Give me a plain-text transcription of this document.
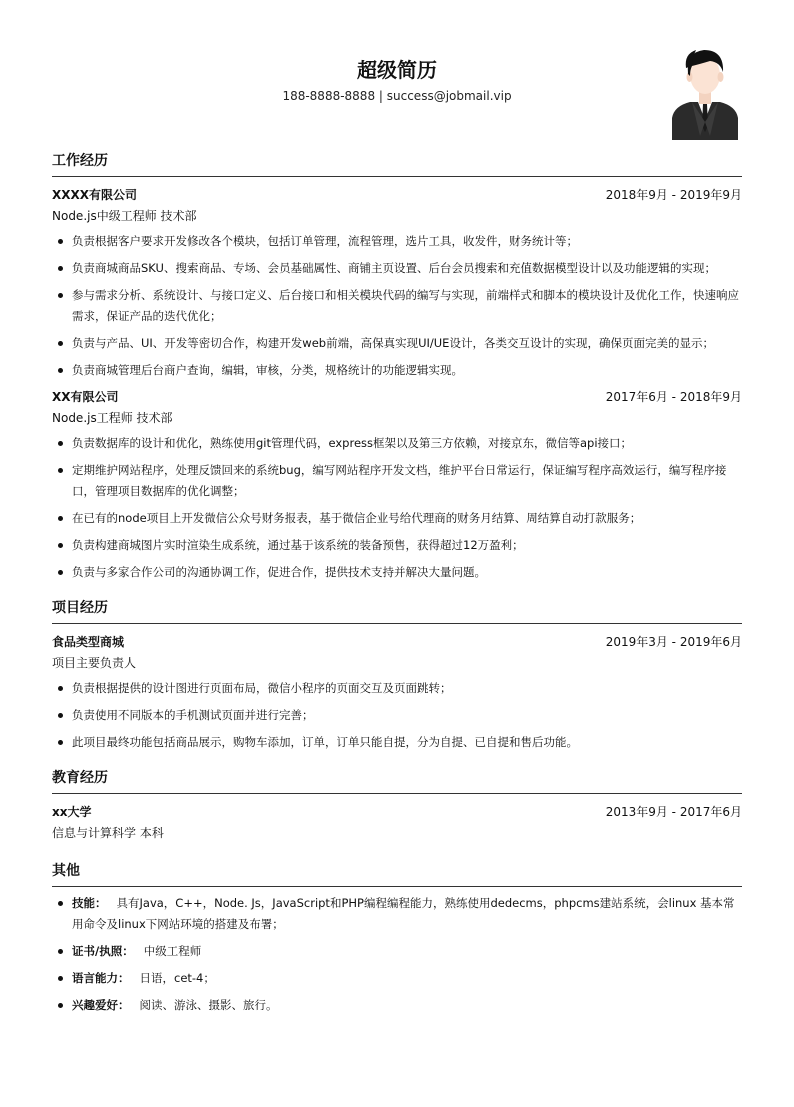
超级简历
188-8888-8888 | success@jobmail.vip
工作经历
XXXX有限公司	2018年9月 - 2019年9月
Node.js中级工程师 技术部
负责根据客户要求开发修改各个模块，包括订单管理，流程管理，选片工具，收发件，财务统计等；
负责商城商品SKU、搜索商品、专场、会员基础属性、商铺主页设置、后台会员搜索和充值数据模型设计以及功能逻辑的实现；
参与需求分析、系统设计、与接口定义、后台接口和相关模块代码的编写与实现，前端样式和脚本的模块设计及优化工作，快速响应需求，保证产品的迭代优化；
负责与产品、UI、开发等密切合作，构建开发web前端，高保真实现UI/UE设计，各类交互设计的实现，确保页面完美的显示；
负责商城管理后台商户查询，编辑，审核，分类，规格统计的功能逻辑实现。
XX有限公司	2017年6月 - 2018年9月
Node.js工程师 技术部
负责数据库的设计和优化，熟练使用git管理代码，express框架以及第三方依赖，对接京东，微信等api接口；
定期维护网站程序，处理反馈回来的系统bug，编写网站程序开发文档，维护平台日常运行，保证编写程序高效运行，编写程序接口，管理项目数据库的优化调整；
在已有的node项目上开发微信公众号财务报表，基于微信企业号给代理商的财务月结算、周结算自动打款服务；
负责构建商城图片实时渲染生成系统，通过基于该系统的装备预售，获得超过12万盈利；
负责与多家合作公司的沟通协调工作，促进合作，提供技术支持并解决大量问题。
项目经历
食品类型商城	2019年3月 - 2019年6月
项目主要负责人
负责根据提供的设计图进行页面布局，微信小程序的页面交互及页面跳转；
负责使用不同版本的手机测试页面并进行完善；
此项目最终功能包括商品展示，购物车添加，订单，订单只能自提，分为自提、已自提和售后功能。
教育经历
xx大学	2013年9月 - 2017年6月
信息与计算科学 本科
其他
技能： 具有Java，C++，Node. Js，JavaScript和PHP编程编程能力，熟练使用dedecms，phpcms建站系统，会linux 基本常用命令及linux下网站环境的搭建及布署；
证书/执照： 中级工程师
语言能力： 日语，cet-4；
兴趣爱好： 阅读、游泳、摄影、旅行。
